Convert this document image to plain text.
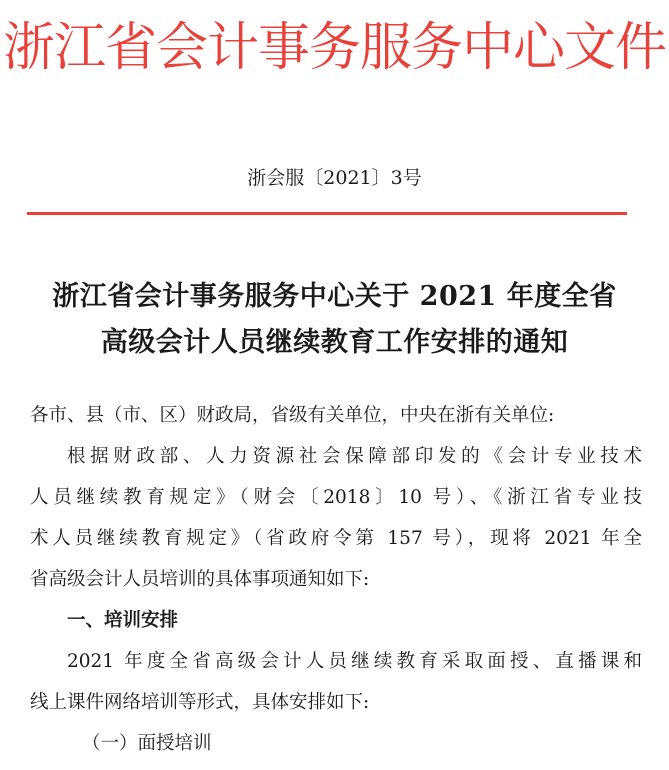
浙江省会计事务服务中心文件
浙会服〔2021〕3号
浙江省会计事务服务中心关于 2021 年度全省
高级会计人员继续教育工作安排的通知
各市、县（市、区）财政局，省级有关单位，中央在浙有关单位:
根据财政部、人力资源社会保障部印发的《会计专业技术
人员继续教育规定》（财会〔2018〕10 号）、《浙江省专业技
术人员继续教育规定》（省政府令第 157 号），现将 2021 年全
省高级会计人员培训的具体事项通知如下:
一、培训安排
2021 年度全省高级会计人员继续教育采取面授、直播课和
线上课件网络培训等形式，具体安排如下:
（一）面授培训
